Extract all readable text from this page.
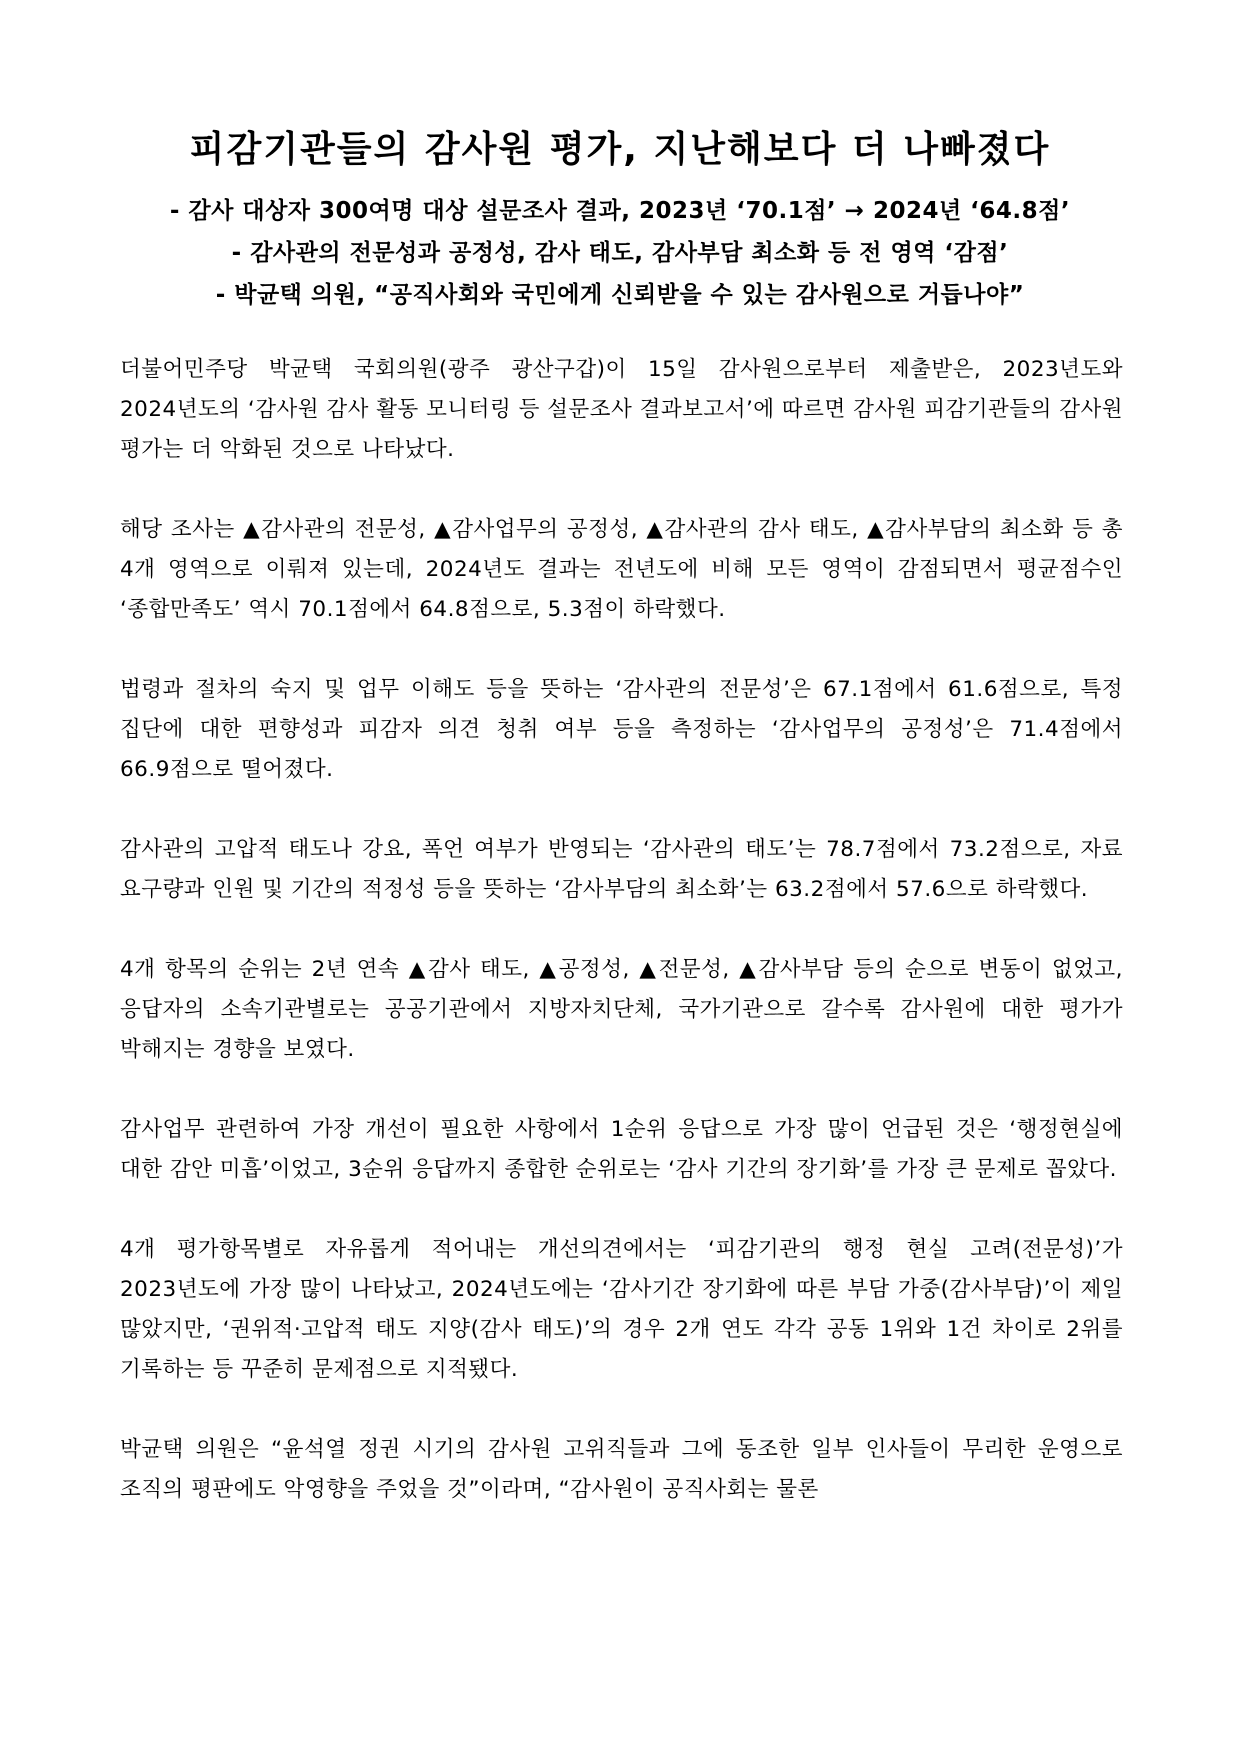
피감기관들의 감사원 평가, 지난해보다 더 나빠졌다
- 감사 대상자 300여명 대상 설문조사 결과, 2023년 ‘70.1점’ → 2024년 ‘64.8점’
- 감사관의 전문성과 공정성, 감사 태도, 감사부담 최소화 등 전 영역 ‘감점’
- 박균택 의원, “공직사회와 국민에게 신뢰받을 수 있는 감사원으로 거듭나야”

더불어민주당 박균택 국회의원(광주 광산구갑)이 15일 감사원으로부터 제출받은, 2023년도와 2024년도의 ‘감사원 감사 활동 모니터링 등 설문조사 결과보고서’에 따르면 감사원 피감기관들의 감사원 평가는 더 악화된 것으로 나타났다.

해당 조사는 ▲감사관의 전문성, ▲감사업무의 공정성, ▲감사관의 감사 태도, ▲감사부담의 최소화 등 총 4개 영역으로 이뤄져 있는데, 2024년도 결과는 전년도에 비해 모든 영역이 감점되면서 평균점수인 ‘종합만족도’ 역시 70.1점에서 64.8점으로, 5.3점이 하락했다.

법령과 절차의 숙지 및 업무 이해도 등을 뜻하는 ‘감사관의 전문성’은 67.1점에서 61.6점으로, 특정 집단에 대한 편향성과 피감자 의견 청취 여부 등을 측정하는 ‘감사업무의 공정성’은 71.4점에서 66.9점으로 떨어졌다.

감사관의 고압적 태도나 강요, 폭언 여부가 반영되는 ‘감사관의 태도’는 78.7점에서 73.2점으로, 자료 요구량과 인원 및 기간의 적정성 등을 뜻하는 ‘감사부담의 최소화’는 63.2점에서 57.6으로 하락했다.

4개 항목의 순위는 2년 연속 ▲감사 태도, ▲공정성, ▲전문성, ▲감사부담 등의 순으로 변동이 없었고, 응답자의 소속기관별로는 공공기관에서 지방자치단체, 국가기관으로 갈수록 감사원에 대한 평가가 박해지는 경향을 보였다.

감사업무 관련하여 가장 개선이 필요한 사항에서 1순위 응답으로 가장 많이 언급된 것은 ‘행정현실에 대한 감안 미흡’이었고, 3순위 응답까지 종합한 순위로는 ‘감사 기간의 장기화’를 가장 큰 문제로 꼽았다.

4개 평가항목별로 자유롭게 적어내는 개선의견에서는 ‘피감기관의 행정 현실 고려(전문성)’가 2023년도에 가장 많이 나타났고, 2024년도에는 ‘감사기간 장기화에 따른 부담 가중(감사부담)’이 제일 많았지만, ‘권위적·고압적 태도 지양(감사 태도)’의 경우 2개 연도 각각 공동 1위와 1건 차이로 2위를 기록하는 등 꾸준히 문제점으로 지적됐다.

박균택 의원은 “윤석열 정권 시기의 감사원 고위직들과 그에 동조한 일부 인사들이 무리한 운영으로 조직의 평판에도 악영향을 주었을 것”이라며, “감사원이 공직사회는 물론
